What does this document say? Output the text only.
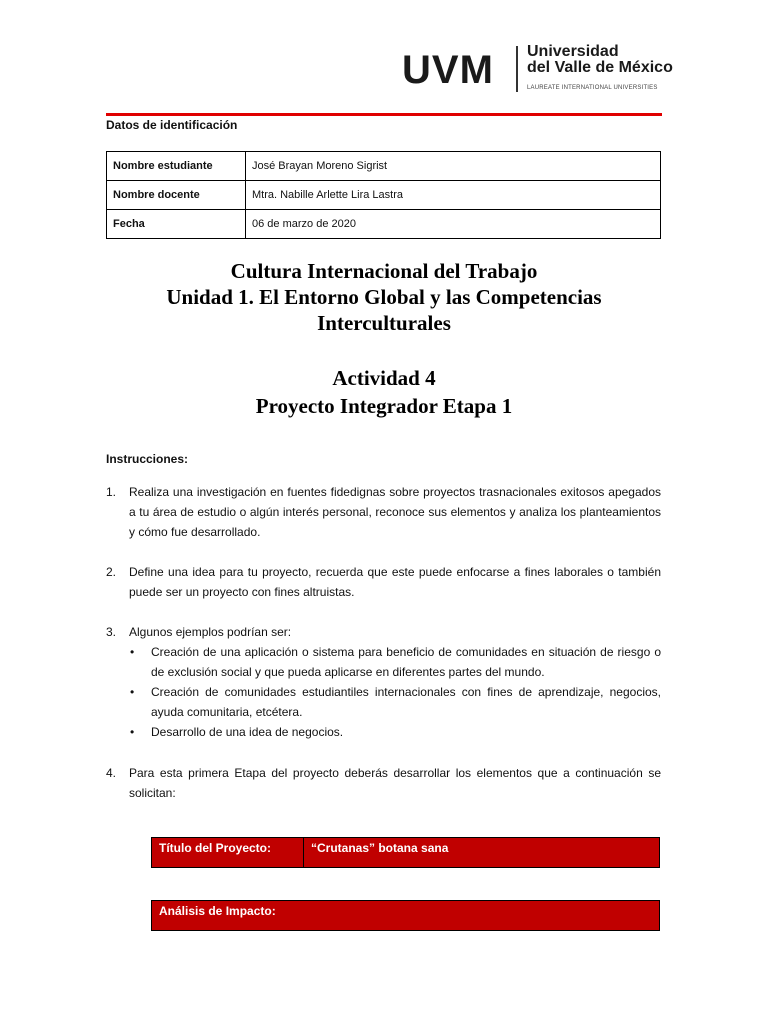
UVM Universidad
del Valle de México
LAUREATE INTERNATIONAL UNIVERSITIES
Datos de identificación
Nombre estudiante	José Brayan Moreno Sigrist
Nombre docente	Mtra. Nabille Arlette Lira Lastra
Fecha	06 de marzo de 2020
Cultura Internacional del Trabajo
Unidad 1. El Entorno Global y las Competencias
Interculturales
Actividad 4
Proyecto Integrador Etapa 1
Instrucciones:
1. Realiza una investigación en fuentes fidedignas sobre proyectos trasnacionales exitosos apegados a tu área de estudio o algún interés personal, reconoce sus elementos y analiza los planteamientos y cómo fue desarrollado.
2. Define una idea para tu proyecto, recuerda que este puede enfocarse a fines laborales o también puede ser un proyecto con fines altruistas.
3. Algunos ejemplos podrían ser:
• Creación de una aplicación o sistema para beneficio de comunidades en situación de riesgo o de exclusión social y que pueda aplicarse en diferentes partes del mundo.
• Creación de comunidades estudiantiles internacionales con fines de aprendizaje, negocios, ayuda comunitaria, etcétera.
• Desarrollo de una idea de negocios.
4. Para esta primera Etapa del proyecto deberás desarrollar los elementos que a continuación se solicitan:
Título del Proyecto:	“Crutanas” botana sana
Análisis de Impacto:
